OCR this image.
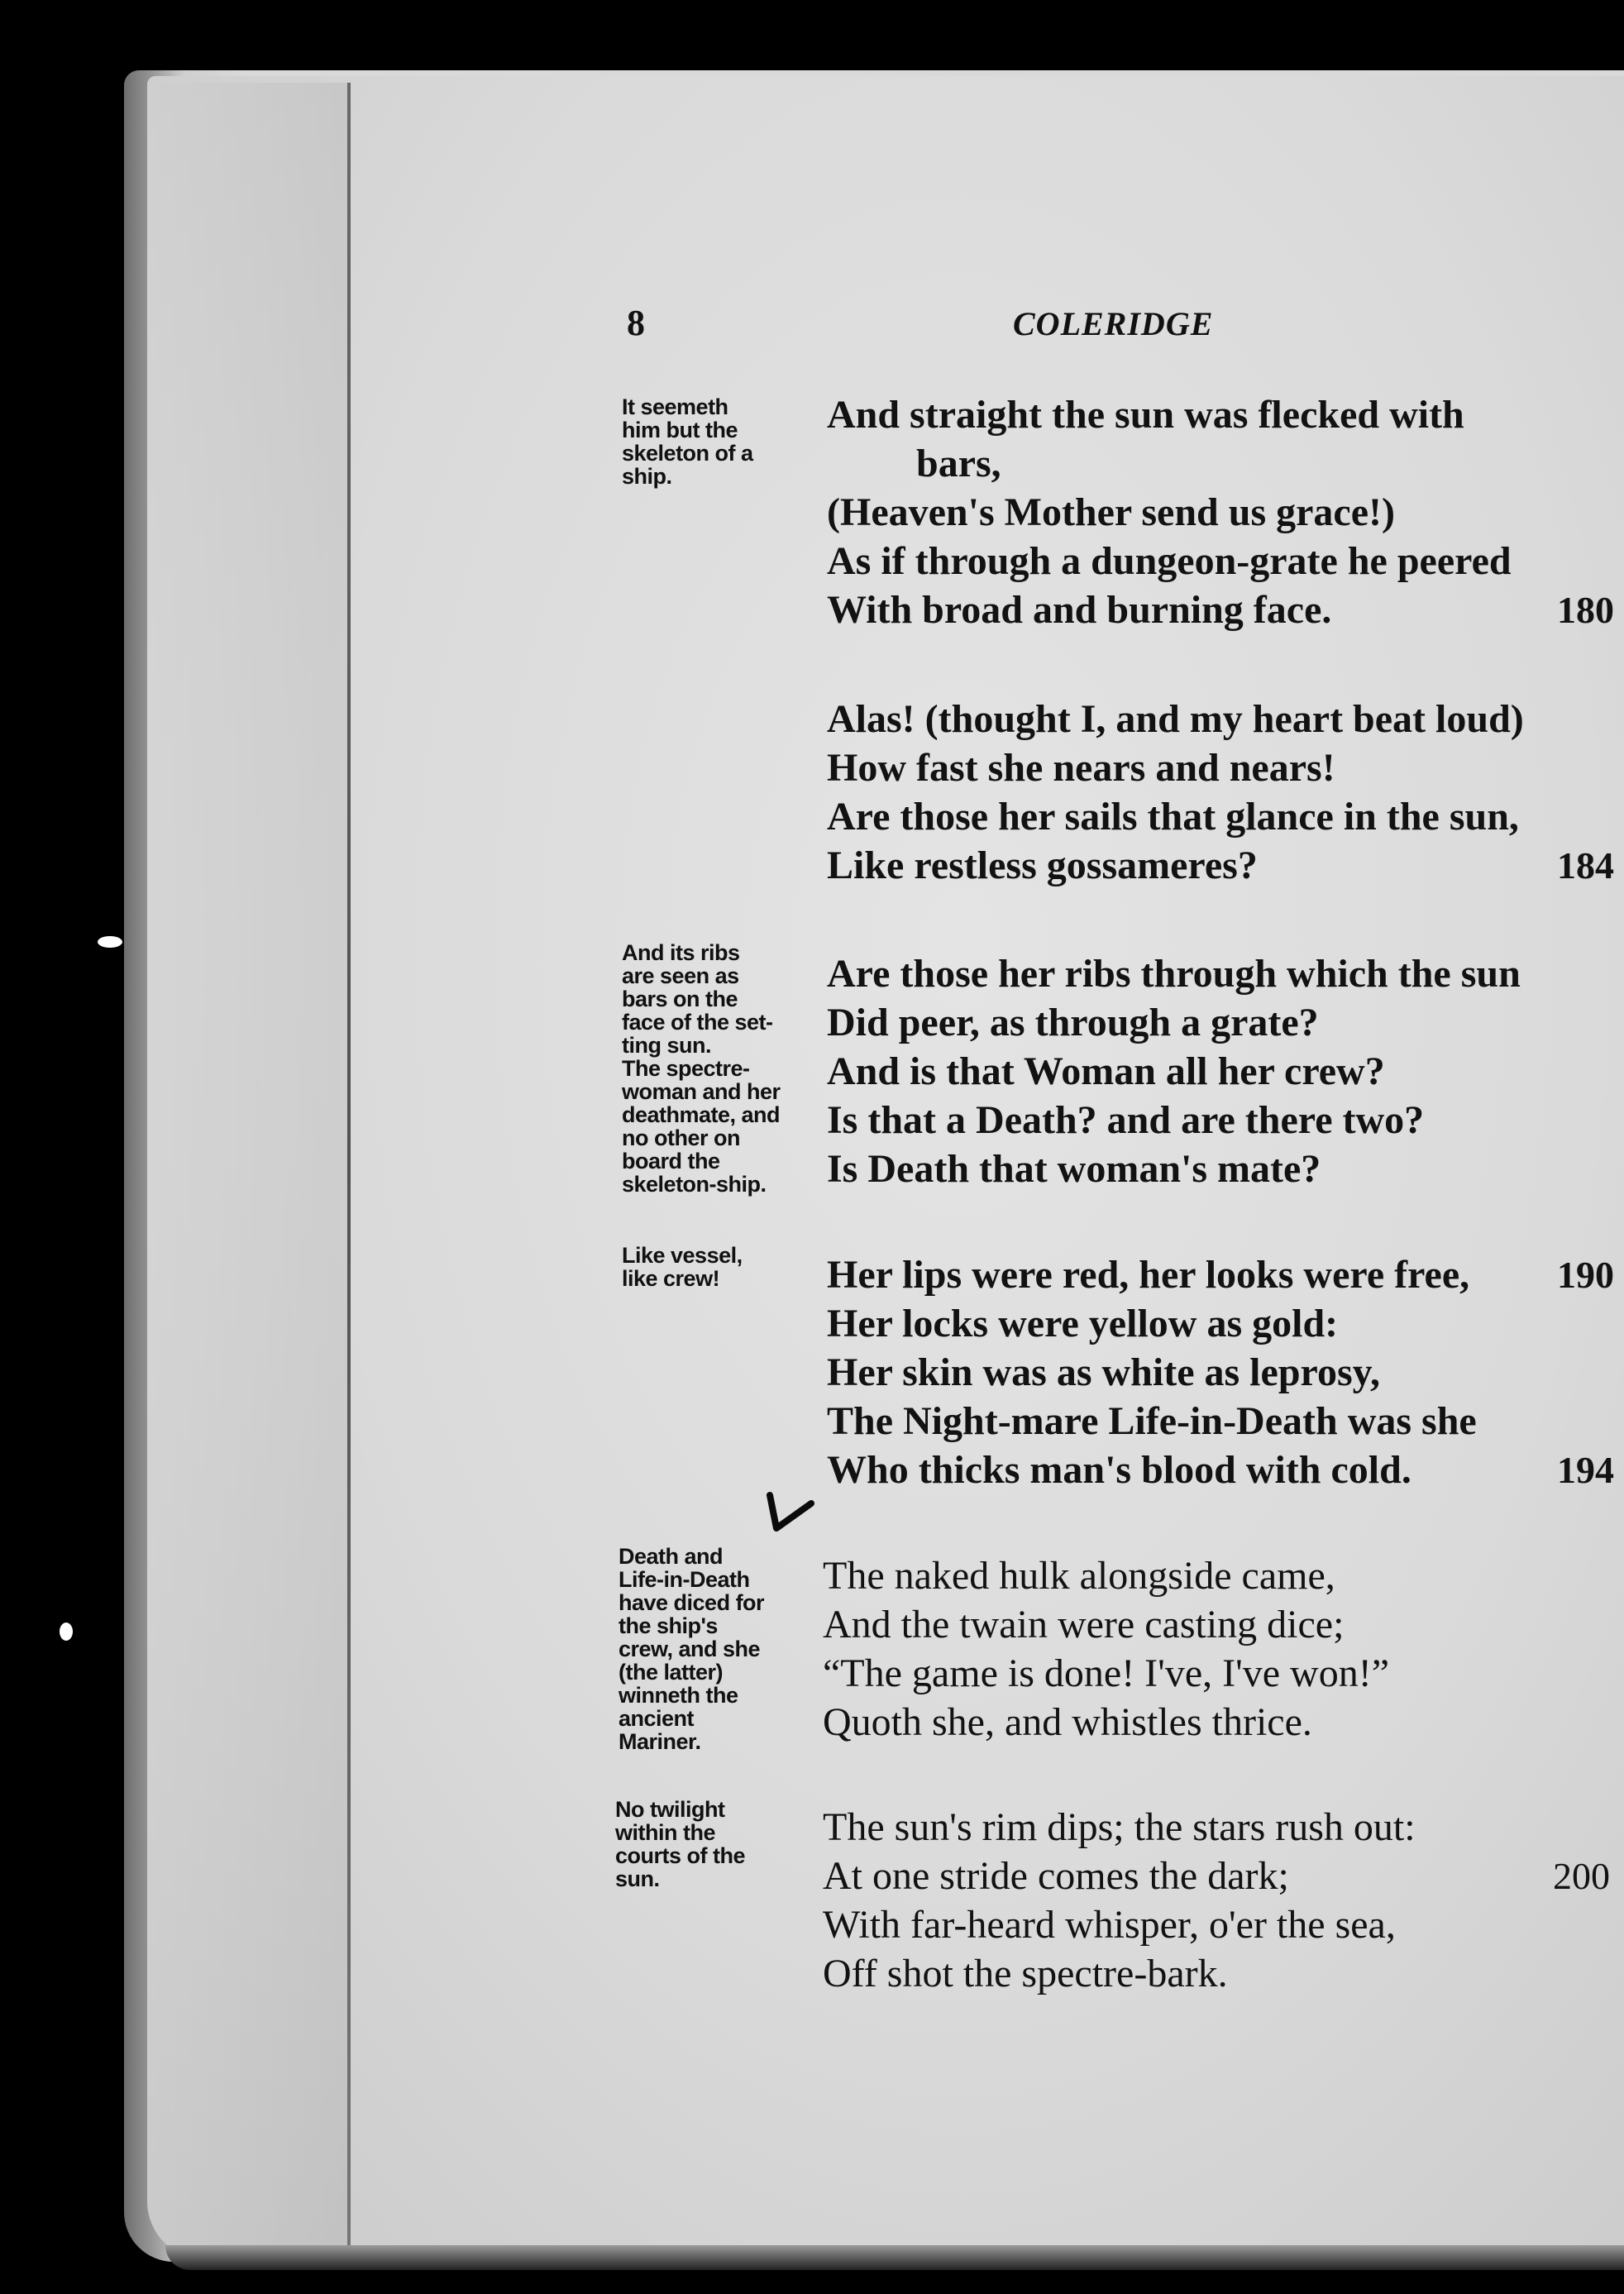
8	COLERIDGE
It seemeth
him but the
skeleton of a
ship.
And straight the sun was flecked with
bars,
(Heaven's Mother send us grace!)
As if through a dungeon-grate he peered
With broad and burning face.	180
Alas! (thought I, and my heart beat loud)
How fast she nears and nears!
Are those her sails that glance in the sun,
Like restless gossameres?	184
And its ribs
are seen as
bars on the
face of the set-
ting sun.
The spectre-
woman and her
deathmate, and
no other on
board the
skeleton-ship.
Are those her ribs through which the sun
Did peer, as through a grate?
And is that Woman all her crew?
Is that a Death? and are there two?
Is Death that woman's mate?
Like vessel,
like crew!	Her lips were red, her looks were free, 190
Her locks were yellow as gold:
Her skin was as white as leprosy,
The Night-mare Life-in-Death was she
Who thicks man's blood with cold.	194
Death and
Life-in-Death
have diced for
the ship's
crew, and she
(the latter)
winneth the
ancient
Mariner.
The naked hulk alongside came,
And the twain were casting dice;
“The game is done! I've, I've won!”
Quoth she, and whistles thrice.
No twilight
within the
courts of the
sun.
The sun's rim dips; the stars rush out:
At one stride comes the dark;	200
With far-heard whisper, o'er the sea,
Off shot the spectre-bark.
